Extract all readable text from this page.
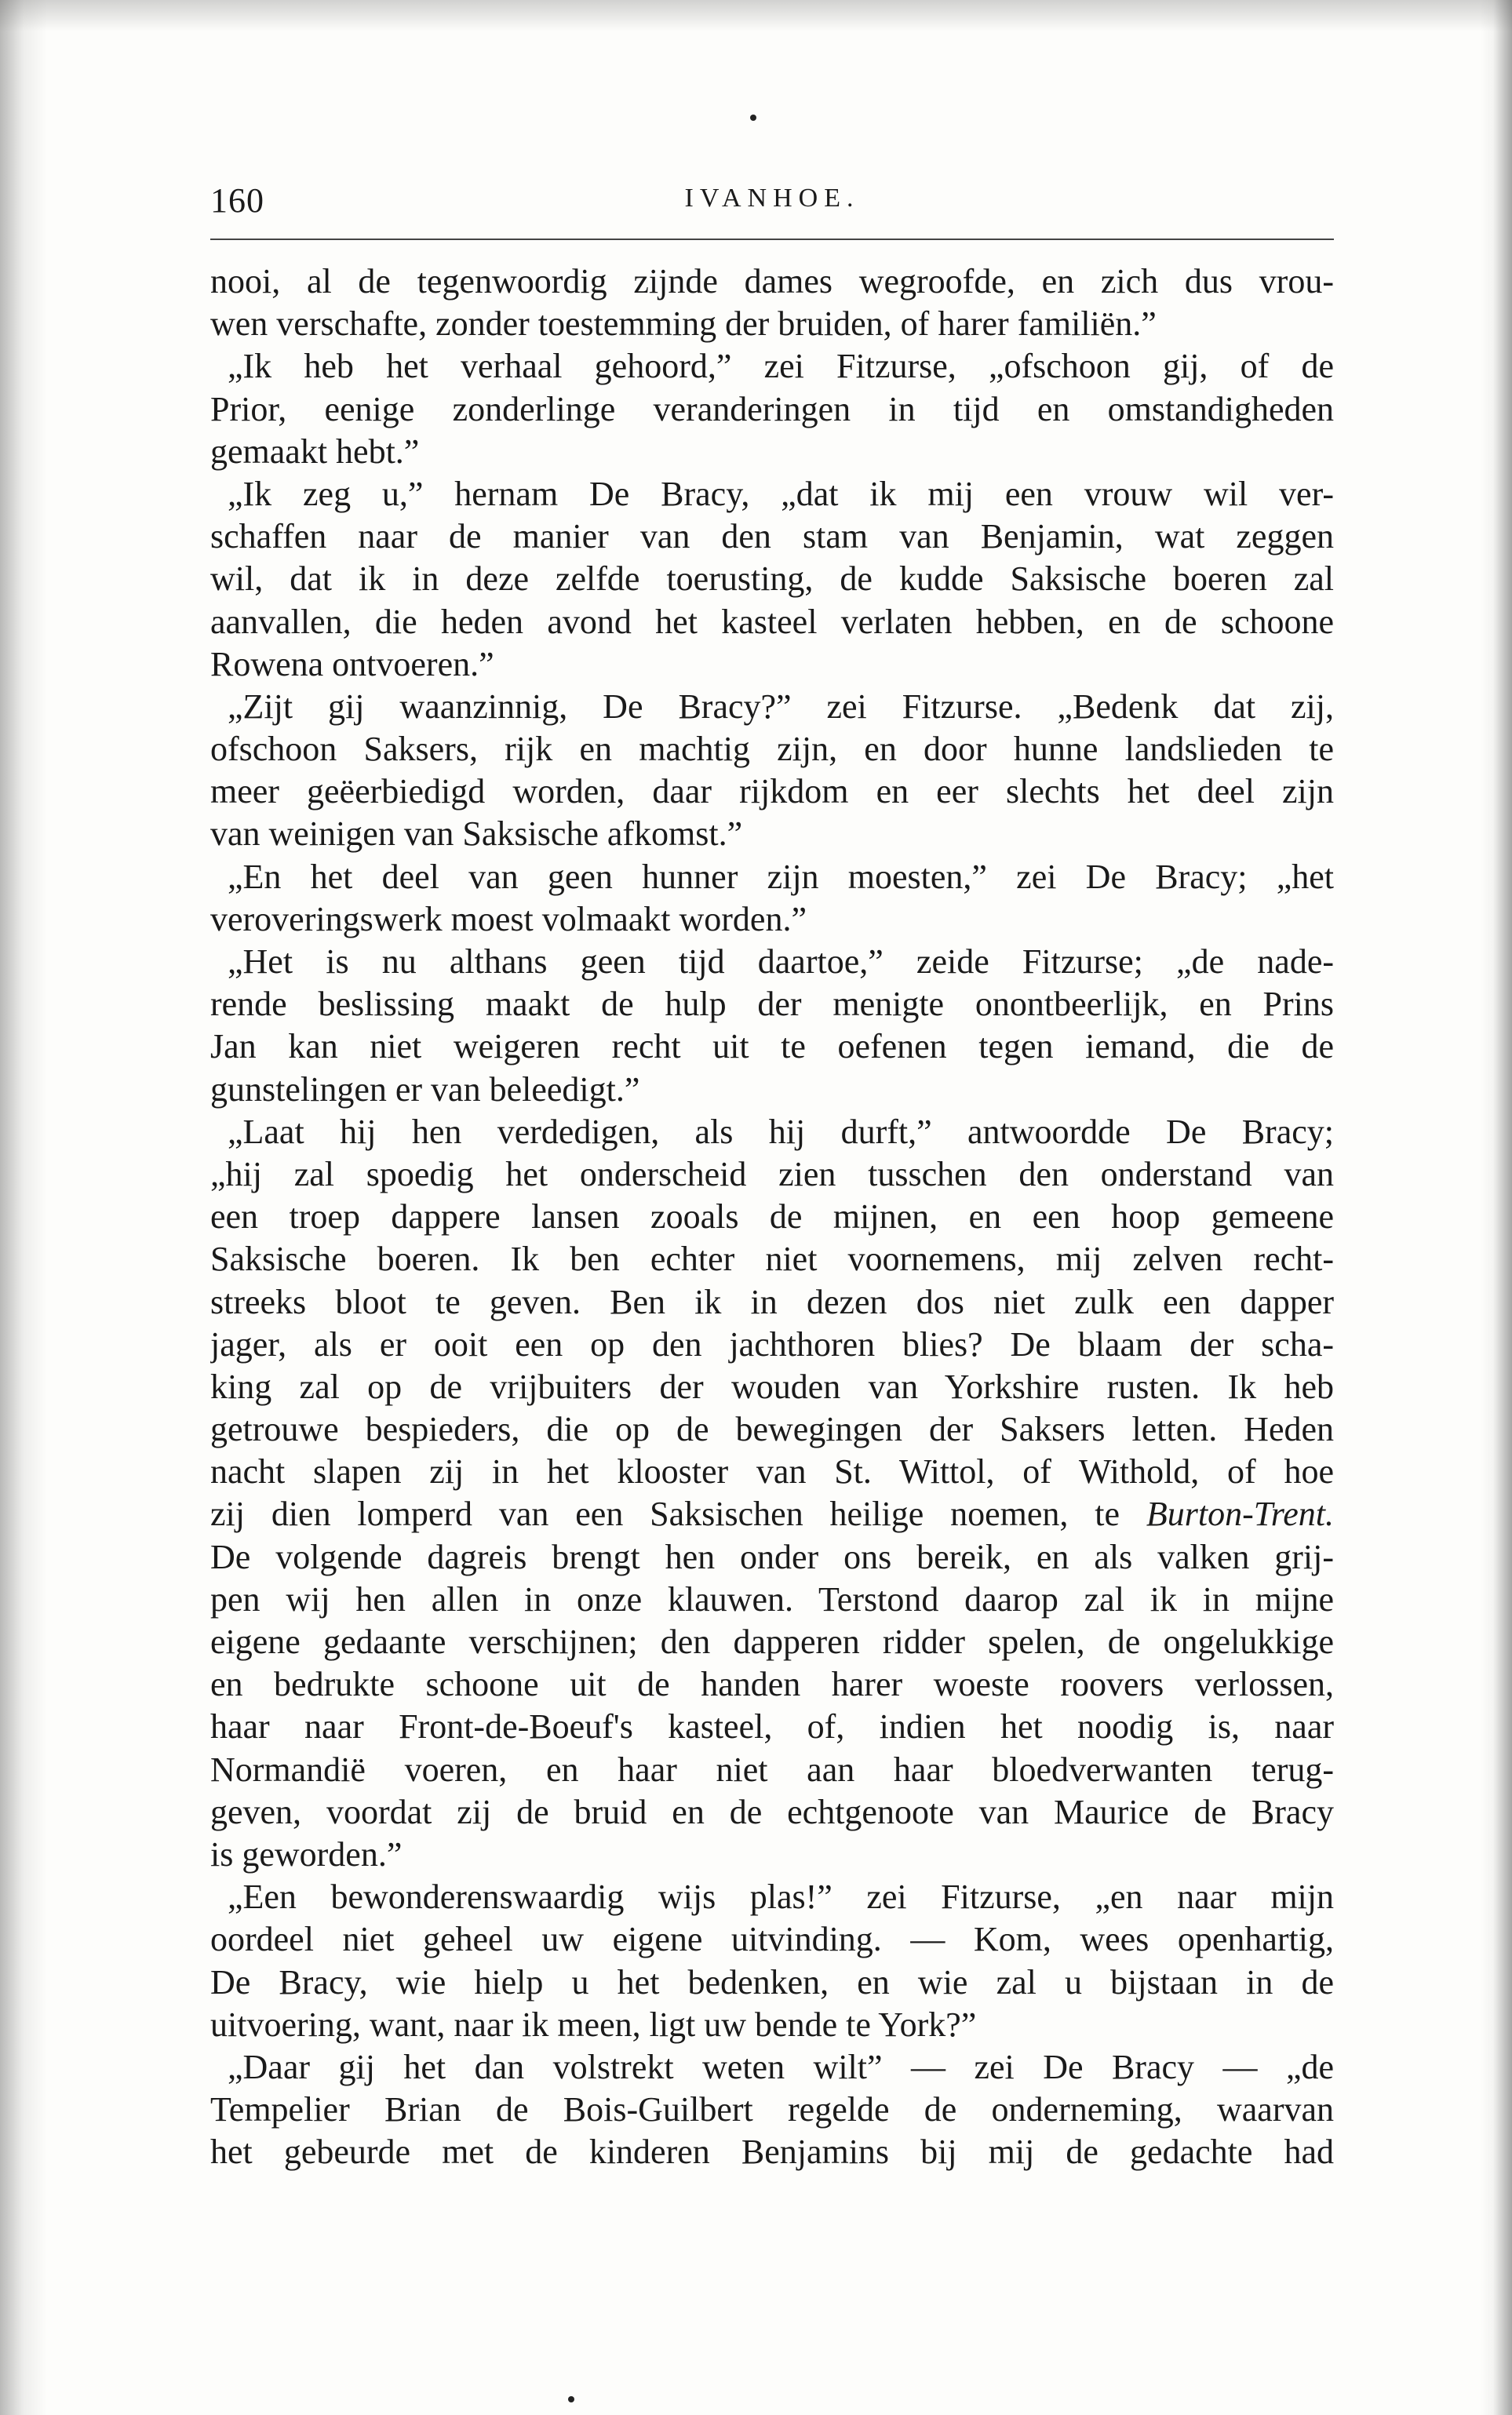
160	IVANHOE.
nooi, al de tegenwoordig zijnde dames wegroofde, en zich dus vrou-
wen verschafte, zonder toestemming der bruiden, of harer familiën.”
„Ik heb het verhaal gehoord,” zei Fitzurse, „ofschoon gij, of de
Prior, eenige zonderlinge veranderingen in tijd en omstandigheden
gemaakt hebt.”
„Ik zeg u,” hernam De Bracy, „dat ik mij een vrouw wil ver-
schaffen naar de manier van den stam van Benjamin, wat zeggen
wil, dat ik in deze zelfde toerusting, de kudde Saksische boeren zal
aanvallen, die heden avond het kasteel verlaten hebben, en de schoone
Rowena ontvoeren.”
„Zijt gij waanzinnig, De Bracy?” zei Fitzurse. „Bedenk dat zij,
ofschoon Saksers, rijk en machtig zijn, en door hunne landslieden te
meer geëerbiedigd worden, daar rijkdom en eer slechts het deel zijn
van weinigen van Saksische afkomst.”
„En het deel van geen hunner zijn moesten,” zei De Bracy; „het
veroveringswerk moest volmaakt worden.”
„Het is nu althans geen tijd daartoe,” zeide Fitzurse; „de nade-
rende beslissing maakt de hulp der menigte onontbeerlijk, en Prins
Jan kan niet weigeren recht uit te oefenen tegen iemand, die de
gunstelingen er van beleedigt.”
„Laat hij hen verdedigen, als hij durft,” antwoordde De Bracy;
„hij zal spoedig het onderscheid zien tusschen den onderstand van
een troep dappere lansen zooals de mijnen, en een hoop gemeene
Saksische boeren. Ik ben echter niet voornemens, mij zelven recht-
streeks bloot te geven. Ben ik in dezen dos niet zulk een dapper
jager, als er ooit een op den jachthoren blies? De blaam der scha-
king zal op de vrijbuiters der wouden van Yorkshire rusten. Ik heb
getrouwe bespieders, die op de bewegingen der Saksers letten. Heden
nacht slapen zij in het klooster van St. Wittol, of Withold, of hoe
zij dien lomperd van een Saksischen heilige noemen, te Burton-Trent.
De volgende dagreis brengt hen onder ons bereik, en als valken grij-
pen wij hen allen in onze klauwen. Terstond daarop zal ik in mijne
eigene gedaante verschijnen; den dapperen ridder spelen, de ongelukkige
en bedrukte schoone uit de handen harer woeste roovers verlossen,
haar naar Front-de-Boeuf's kasteel, of, indien het noodig is, naar
Normandië voeren, en haar niet aan haar bloedverwanten terug-
geven, voordat zij de bruid en de echtgenoote van Maurice de Bracy
is geworden.”
„Een bewonderenswaardig wijs plas!” zei Fitzurse, „en naar mijn
oordeel niet geheel uw eigene uitvinding. — Kom, wees openhartig,
De Bracy, wie hielp u het bedenken, en wie zal u bijstaan in de
uitvoering, want, naar ik meen, ligt uw bende te York?”
„Daar gij het dan volstrekt weten wilt” — zei De Bracy — „de
Tempelier Brian de Bois-Guilbert regelde de onderneming, waarvan
het gebeurde met de kinderen Benjamins bij mij de gedachte had
